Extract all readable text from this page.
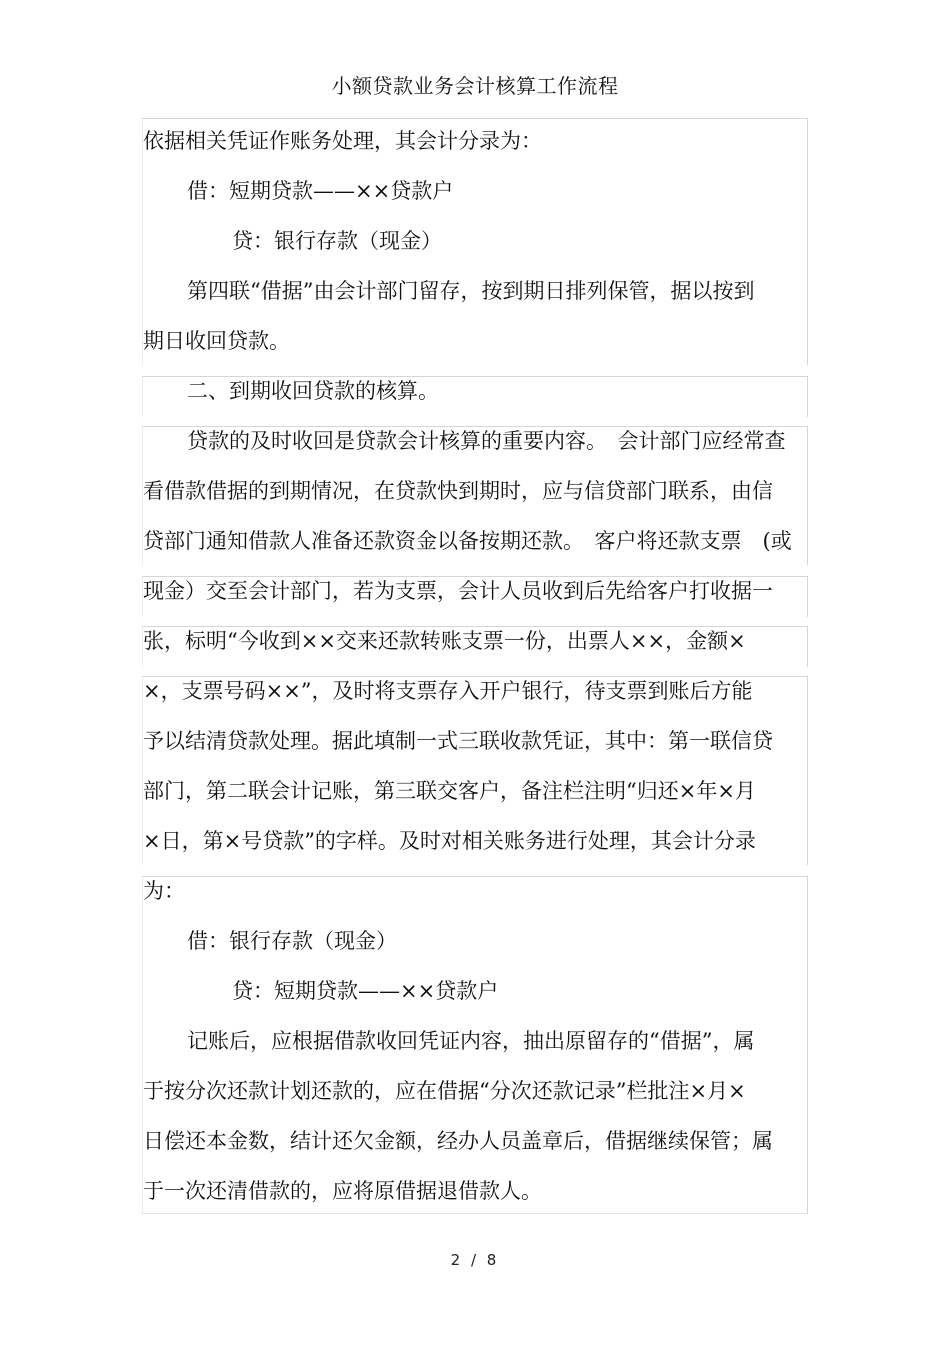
小额贷款业务会计核算工作流程
依据相关凭证作账务处理，其会计分录为：
借：短期贷款——××贷款户
贷：银行存款（现金）
第四联“借据”由会计部门留存，按到期日排列保管，据以按到
期日收回贷款。
二、到期收回贷款的核算。
贷款的及时收回是贷款会计核算的重要内容。　会计部门应经常查
看借款借据的到期情况，在贷款快到期时，应与信贷部门联系，由信
贷部门通知借款人准备还款资金以备按期还款。　客户将还款支票　(或
现金）交至会计部门，若为支票，会计人员收到后先给客户打收据一
张，标明“今收到××交来还款转账支票一份，出票人××，金额×
×，支票号码××”，及时将支票存入开户银行，待支票到账后方能
予以结清贷款处理。据此填制一式三联收款凭证，其中：第一联信贷
部门，第二联会计记账，第三联交客户，备注栏注明“归还×年×月
×日，第×号贷款”的字样。及时对相关账务进行处理，其会计分录
为：
借：银行存款（现金）
贷：短期贷款——××贷款户
记账后，应根据借款收回凭证内容，抽出原留存的“借据”，属
于按分次还款计划还款的，应在借据“分次还款记录”栏批注×月×
日偿还本金数，结计还欠金额，经办人员盖章后，借据继续保管；属
于一次还清借款的，应将原借据退借款人。
2 / 8
